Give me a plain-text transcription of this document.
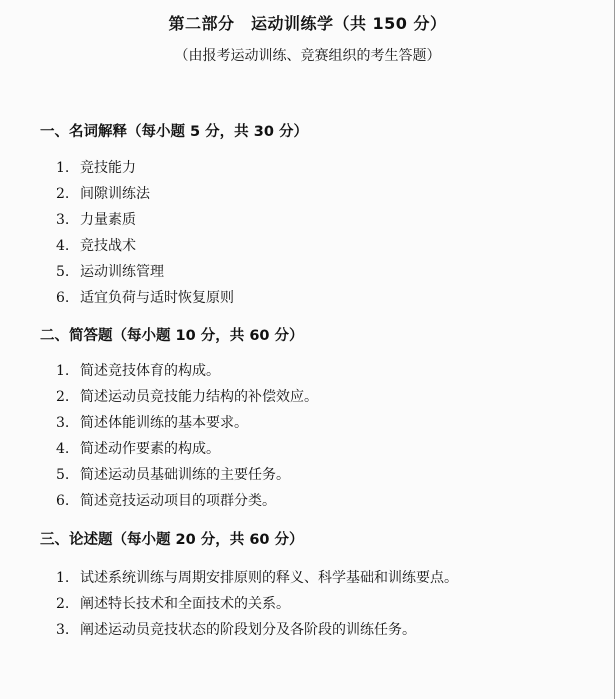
第二部分　运动训练学（共 150 分）
（由报考运动训练、竞赛组织的考生答题）
一、名词解释（每小题 5 分，共 30 分）
1. 竞技能力
2. 间隙训练法
3. 力量素质
4. 竞技战术
5. 运动训练管理
6. 适宜负荷与适时恢复原则
二、简答题（每小题 10 分，共 60 分）
1. 简述竞技体育的构成。
2. 简述运动员竞技能力结构的补偿效应。
3. 简述体能训练的基本要求。
4. 简述动作要素的构成。
5. 简述运动员基础训练的主要任务。
6. 简述竞技运动项目的项群分类。
三、论述题（每小题 20 分，共 60 分）
1. 试述系统训练与周期安排原则的释义、科学基础和训练要点。
2. 阐述特长技术和全面技术的关系。
3. 阐述运动员竞技状态的阶段划分及各阶段的训练任务。
